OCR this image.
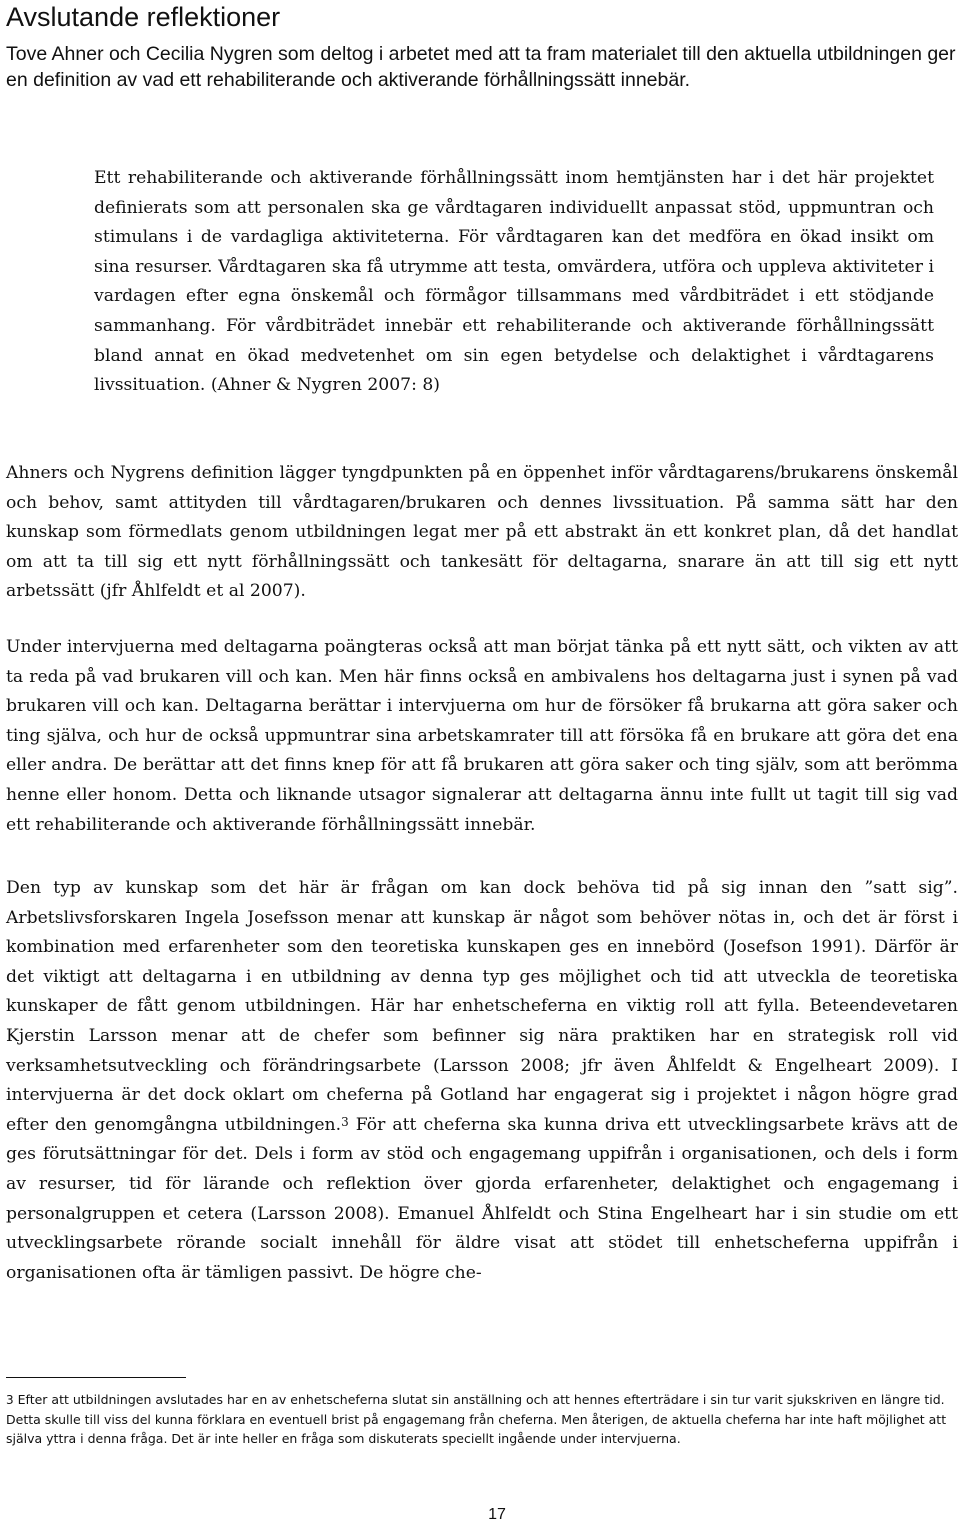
Avslutande reflektioner

Tove Ahner och Cecilia Nygren som deltog i arbetet med att ta fram materialet till den aktuella utbildningen ger en definition av vad ett rehabiliterande och aktiverande förhållningssätt innebär.

Ett rehabiliterande och aktiverande förhållningssätt inom hemtjänsten har i det här projektet definierats som att personalen ska ge vårdtagaren individuellt anpassat stöd, uppmuntran och stimulans i de vardagliga aktiviteterna. För vårdtagaren kan det medföra en ökad insikt om sina resurser. Vårdtagaren ska få utrymme att testa, omvärdera, utföra och uppleva aktiviteter i vardagen efter egna önskemål och förmågor tillsammans med vårdbiträdet i ett stödjande sammanhang. För vårdbiträdet innebär ett rehabiliterande och aktiverande förhållningssätt bland annat en ökad medvetenhet om sin egen betydelse och delaktighet i vårdtagarens livssituation. (Ahner & Nygren 2007: 8)

Ahners och Nygrens definition lägger tyngdpunkten på en öppenhet inför vårdtagarens/brukarens önskemål och behov, samt attityden till vårdtagaren/brukaren och dennes livssituation. På samma sätt har den kunskap som förmedlats genom utbildningen legat mer på ett abstrakt än ett konkret plan, då det handlat om att ta till sig ett nytt förhållningssätt och tankesätt för deltagarna, snarare än att till sig ett nytt arbetssätt (jfr Åhlfeldt et al 2007).

Under intervjuerna med deltagarna poängteras också att man börjat tänka på ett nytt sätt, och vikten av att ta reda på vad brukaren vill och kan. Men här finns också en ambivalens hos deltagarna just i synen på vad brukaren vill och kan. Deltagarna berättar i intervjuerna om hur de försöker få brukarna att göra saker och ting själva, och hur de också uppmuntrar sina arbetskamrater till att försöka få en brukare att göra det ena eller andra. De berättar att det finns knep för att få brukaren att göra saker och ting själv, som att berömma henne eller honom. Detta och liknande utsagor signalerar att deltagarna ännu inte fullt ut tagit till sig vad ett rehabiliterande och aktiverande förhållningssätt innebär.

Den typ av kunskap som det här är frågan om kan dock behöva tid på sig innan den ”satt sig”. Arbetslivsforskaren Ingela Josefsson menar att kunskap är något som behöver nötas in, och det är först i kombination med erfarenheter som den teoretiska kunskapen ges en innebörd (Josefson 1991). Därför är det viktigt att deltagarna i en utbildning av denna typ ges möjlighet och tid att utveckla de teoretiska kunskaper de fått genom utbildningen. Här har enhetscheferna en viktig roll att fylla. Beteendevetaren Kjerstin Larsson menar att de chefer som befinner sig nära praktiken har en strategisk roll vid verksamhetsutveckling och förändringsarbete (Larsson 2008; jfr även Åhlfeldt & Engelheart 2009). I intervjuerna är det dock oklart om cheferna på Gotland har engagerat sig i projektet i någon högre grad efter den genomgångna utbildningen.$^3$ För att cheferna ska kunna driva ett utvecklingsarbete krävs att de ges förutsättningar för det. Dels i form av stöd och engagemang uppifrån i organisationen, och dels i form av resurser, tid för lärande och reflektion över gjorda erfarenheter, delaktighet och engagemang i personalgruppen et cetera (Larsson 2008). Emanuel Åhlfeldt och Stina Engelheart har i sin studie om ett utvecklingsarbete rörande socialt innehåll för äldre visat att stödet till enhetscheferna uppifrån i organisationen ofta är tämligen passivt. De högre che-

3 Efter att utbildningen avslutades har en av enhetscheferna slutat sin anställning och att hennes efterträdare i sin tur varit sjukskriven en längre tid. Detta skulle till viss del kunna förklara en eventuell brist på engagemang från cheferna. Men återigen, de aktuella cheferna har inte haft möjlighet att själva yttra i denna fråga. Det är inte heller en fråga som diskuterats speciellt ingående under intervjuerna.

17
